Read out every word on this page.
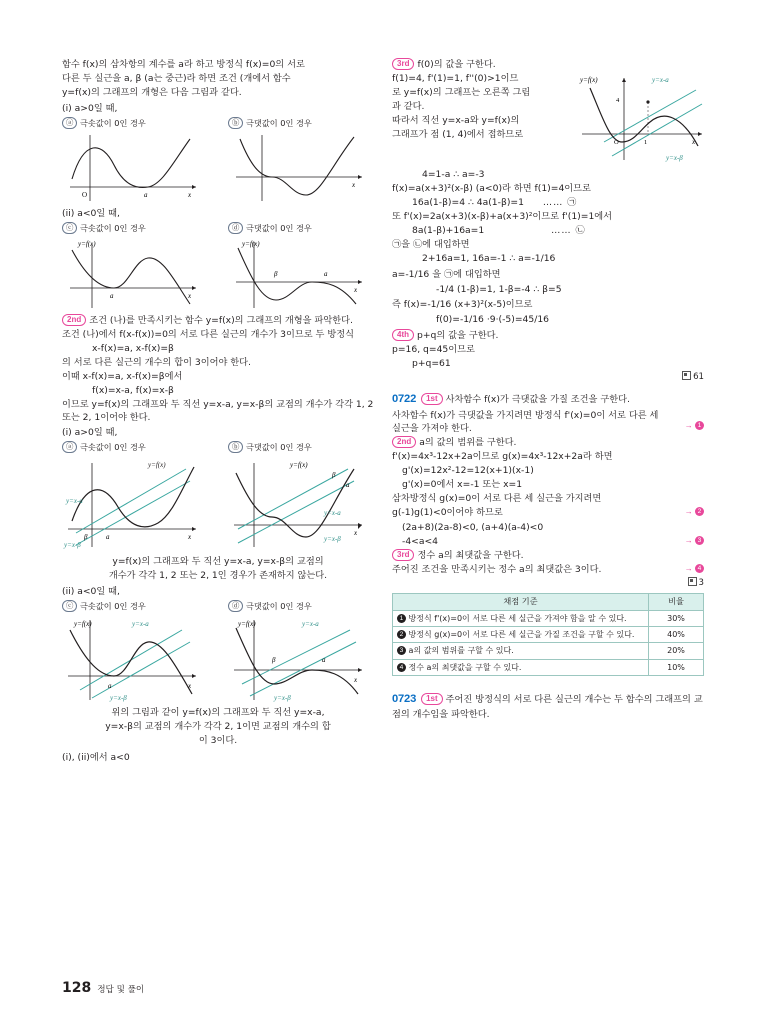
함수 f(x)의 삼차항의 계수를 a라 하고 방정식 f(x)=0의 서로
다른 두 실근을 a, β (a는 중근)라 하면 조건 (개에서 함수
y=f(x)의 그래프의 개형은 다음 그림과 같다.
(i) a>0일 때,
ⓐ 극솟값이 0인 경우
a	x
O
ⓑ 극댓값이 0인 경우
x
(ii) a<0일 때,
ⓒ 극솟값이 0인 경우
y=f(x)
a	x
ⓓ 극댓값이 0인 경우
y=f(x)
β	a
x
2nd 조건 (나)를 만족시키는 함수 y=f(x)의 그래프의 개형을 파악한다.
조건 (나)에서 f(x-f(x))=0의 서로 다른 실근의 개수가 3이므로 두 방정식
x-f(x)=a, x-f(x)=β
의 서로 다른 실근의 개수의 합이 3이어야 한다.
이때 x-f(x)=a, x-f(x)=β에서
f(x)=x-a, f(x)=x-β
이므로 y=f(x)의 그래프와 두 직선 y=x-a, y=x-β의 교점의 개수가 각각 1, 2 또는 2, 1이어야 한다.
(i) a>0일 때,
ⓐ 극솟값이 0인 경우
y=f(x)
y=x-a
y=x-β
β	a	x
ⓑ 극댓값이 0인 경우
y=f(x)
β
a
y=x-a
y=x-β
x
y=f(x)의 그래프와 두 직선 y=x-a, y=x-β의 교점의
개수가 각각 1, 2 또는 2, 1인 경우가 존재하지 않는다.
(ii) a<0일 때,
ⓒ 극솟값이 0인 경우
y=f(x)	y=x-a
a	x
y=x-β
ⓓ 극댓값이 0인 경우
y=f(x)	y=x-a
β	a
x
y=x-β
위의 그림과 같이 y=f(x)의 그래프와 두 직선 y=x-a,
y=x-β의 교점의 개수가 각각 2, 1이면 교점의 개수의 합
이 3이다.
(i), (ii)에서 a<0
3rd f(0)의 값을 구한다.
f(1)=4, f'(1)=1, f''(0)>1이므
로 y=f(x)의 그래프는 오른쪽 그림
과 같다.
따라서 직선 y=x-a와 y=f(x)의
그래프가 점 (1, 4)에서 접하므로
y=f(x)	y=x-a
4
1
O
y=x-β
x
4=1-a ∴ a=-3
f(x)=a(x+3)²(x-β) (a<0)라 하면 f(1)=4이므로
16a(1-β)=4 ∴ 4a(1-β)=1 …… ㉠
또 f'(x)=2a(x+3)(x-β)+a(x+3)²이므로 f'(1)=1에서
8a(1-β)+16a=1	…… ㉡
㉠을 ㉡에 대입하면
2+16a=1, 16a=-1 ∴ a=-1/16
a=-1/16 을 ㉠에 대입하면
-1/4 (1-β)=1, 1-β=-4 ∴ β=5
즉 f(x)=-1/16 (x+3)²(x-5)이므로
f(0)=-1/16 ·9·(-5)=45/16
4th p+q의 값을 구한다.
p=16, q=45이므로
p+q=61
61
0722 1st 사차함수 f(x)가 극댓값을 가질 조건을 구한다.
사차함수 f(x)가 극댓값을 가지려면 방정식 f'(x)=0이 서로 다른 세 실근을 가져야 한다.	→ 1
2nd a의 값의 범위를 구한다.
f'(x)=4x³-12x+2a이므로 g(x)=4x³-12x+2a라 하면
g'(x)=12x²-12=12(x+1)(x-1)
g'(x)=0에서 x=-1 또는 x=1
삼차방정식 g(x)=0이 서로 다른 세 실근을 가지려면
g(-1)g(1)<0이어야 하므로	→ 2
(2a+8)(2a-8)<0, (a+4)(a-4)<0
-4<a<4	→ 3
3rd 정수 a의 최댓값을 구한다.
주어진 조건을 만족시키는 정수 a의 최댓값은 3이다.	→ 4
3
채점 기준	비율
1 방정식 f'(x)=0이 서로 다른 세 실근을 가져야 함을 알 수 있다.	30%
2 방정식 g(x)=0이 서로 다른 세 실근을 가질 조건을 구할 수 있다.	40%
3 a의 값의 범위를 구할 수 있다.	20%
4 정수 a의 최댓값을 구할 수 있다.	10%
0723 1st 주어진 방정식의 서로 다른 실근의 개수는 두 함수의 그래프의 교점의 개수임을 파악한다.
128 정답 및 풀이
